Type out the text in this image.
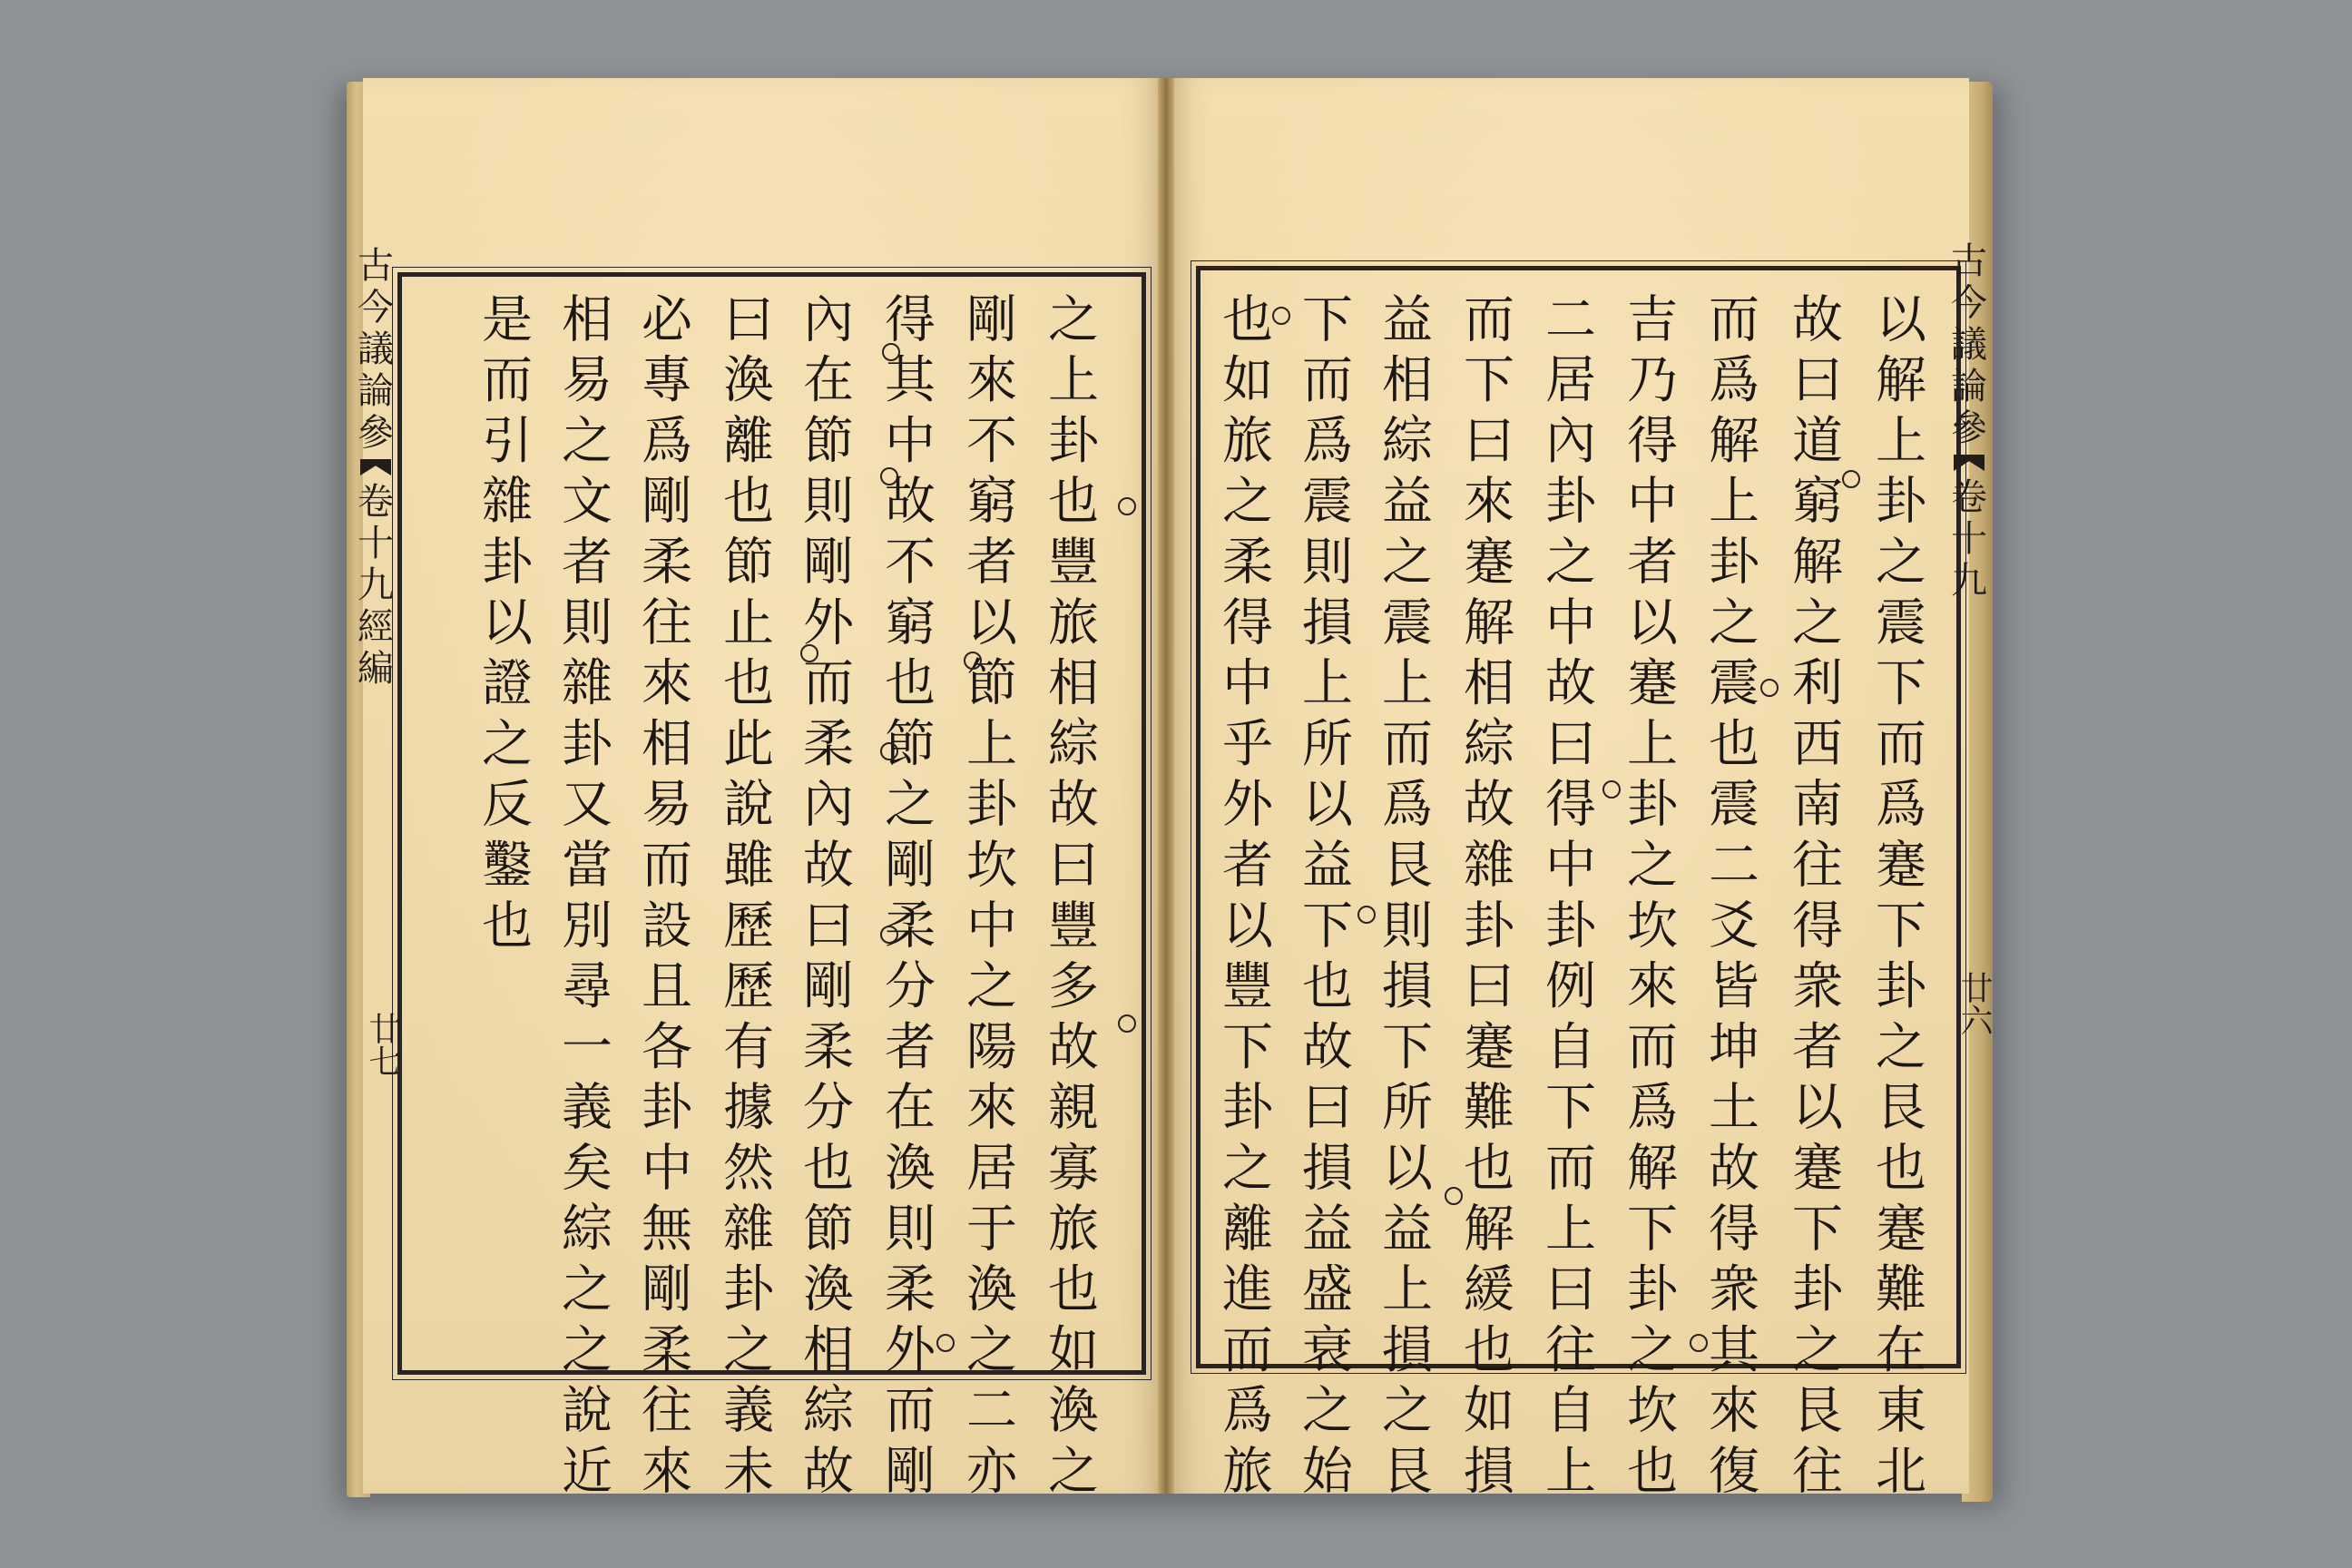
古
今
議
論
參
卷
十
九
經
編
廿七
古
今
議
論
參
卷
十
九
廿六
之上卦也豐旅相綜故曰豐多故親寡旅也如渙之
剛來不窮者以節上卦坎中之陽來居于渙之二亦
得其中故不窮也節之剛柔分者在渙則柔外而剛
內在節則剛外而柔內故曰剛柔分也節渙相綜故
曰渙離也節止也此說雖歷歷有據然雜卦之義未
必專爲剛柔往來相易而設且各卦中無剛柔往來
相易之文者則雜卦又當別尋一義矣綜之之說近
是而引雜卦以證之反鑿也	以解上卦之震下而爲蹇下卦之艮也蹇難在東北
故曰道窮解之利西南往得衆者以蹇下卦之艮往
而爲解上卦之震也震二爻皆坤土故得衆其來復
吉乃得中者以蹇上卦之坎來而爲解下卦之坎也
二居內卦之中故曰得中卦例自下而上曰往自上
而下曰來蹇解相綜故雜卦曰蹇難也解緩也如損
益相綜益之震上而爲艮則損下所以益上損之艮
下而爲震則損上所以益下也故曰損益盛衰之始
也如旅之柔得中乎外者以豐下卦之離進而爲旅
